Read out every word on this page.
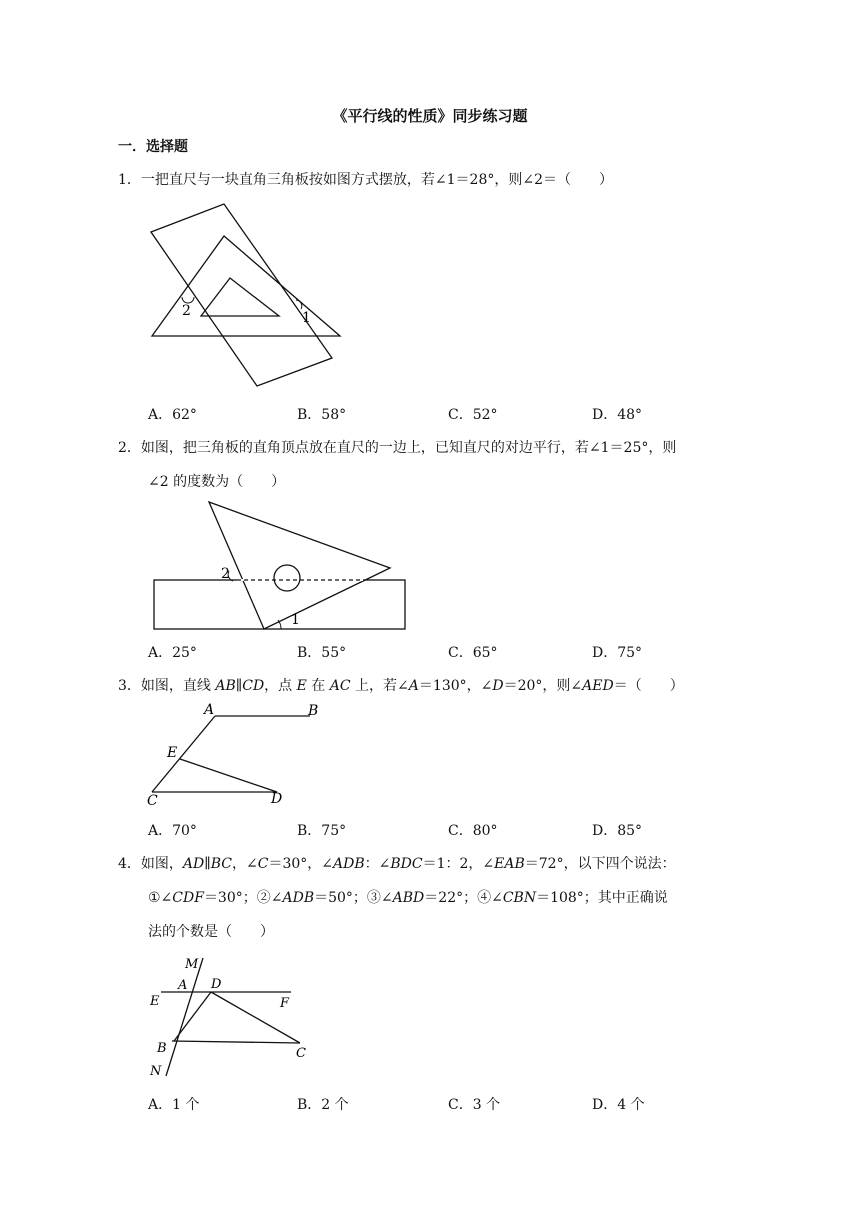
《平行线的性质》同步练习题
一．选择题
1．一把直尺与一块直角三角板按如图方式摆放，若∠1＝28°，则∠2＝（　　）
2	1
A．62°	B．58°	C．52°	D．48°
2．如图，把三角板的直角顶点放在直尺的一边上，已知直尺的对边平行，若∠1＝25°，则
∠2 的度数为（　　）
2
1
A．25°	B．55°	C．65°	D．75°
3．如图，直线 AB∥CD，点 E 在 AC 上，若∠A＝130°，∠D＝20°，则∠AED＝（　　）
A	B
E
C	D
A．70°	B．75°	C．80°	D．85°
4．如图，AD∥BC，∠C＝30°，∠ADB：∠BDC＝1：2，∠EAB＝72°，以下四个说法：
①∠CDF＝30°；②∠ADB＝50°；③∠ABD＝22°；④∠CBN＝108°；其中正确说
法的个数是（　　）
M
A D
E	F
B	C
N
A．1 个	B．2 个	C．3 个	D．4 个
